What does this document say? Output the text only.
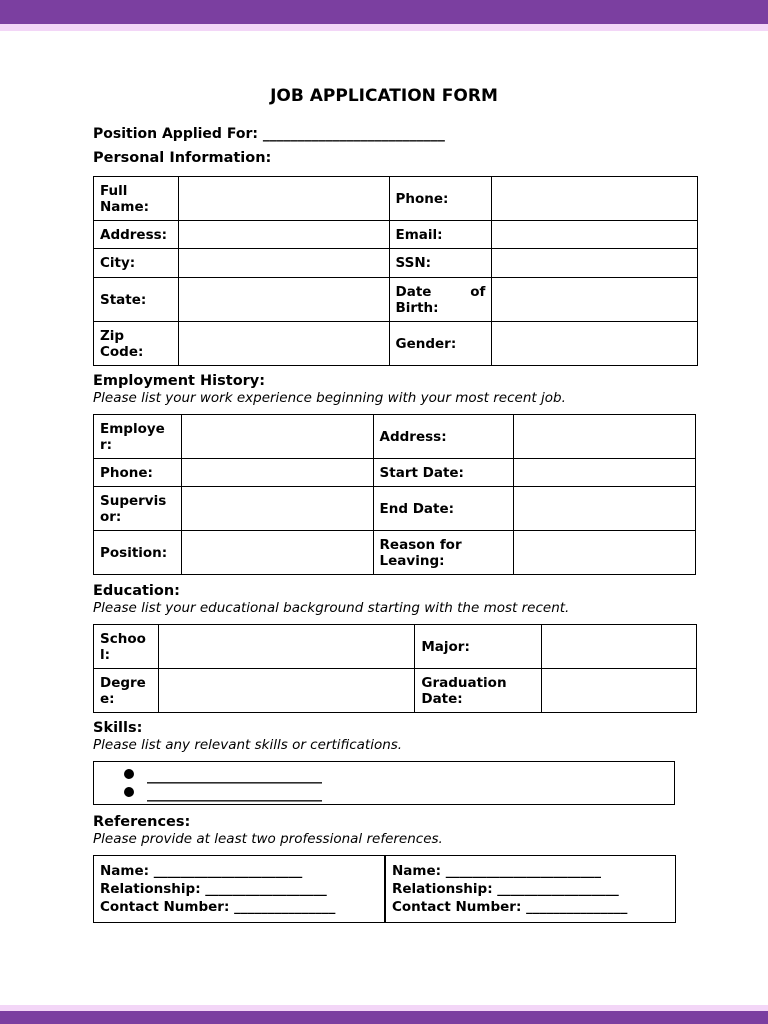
JOB APPLICATION FORM
Position Applied For: __________________________
Personal Information:
Full Name:		Phone:	
Address:		Email:	
City:		SSN:	
State:		Date of Birth:	
Zip Code:		Gender:	
Employment History:
Please list your work experience beginning with your most recent job.
Employer:		Address:	
Phone:		Start Date:	
Supervisor:		End Date:	
Position:		Reason for Leaving:	
Education:
Please list your educational background starting with the most recent.
School:		Major:	
Degree:		Graduation Date:	
Skills:
Please list any relevant skills or certifications.
_________________________
_________________________
References:
Please provide at least two professional references.
Name: ______________________
Relationship: __________________
Contact Number: _______________

Name: _______________________
Relationship: __________________
Contact Number: _______________
